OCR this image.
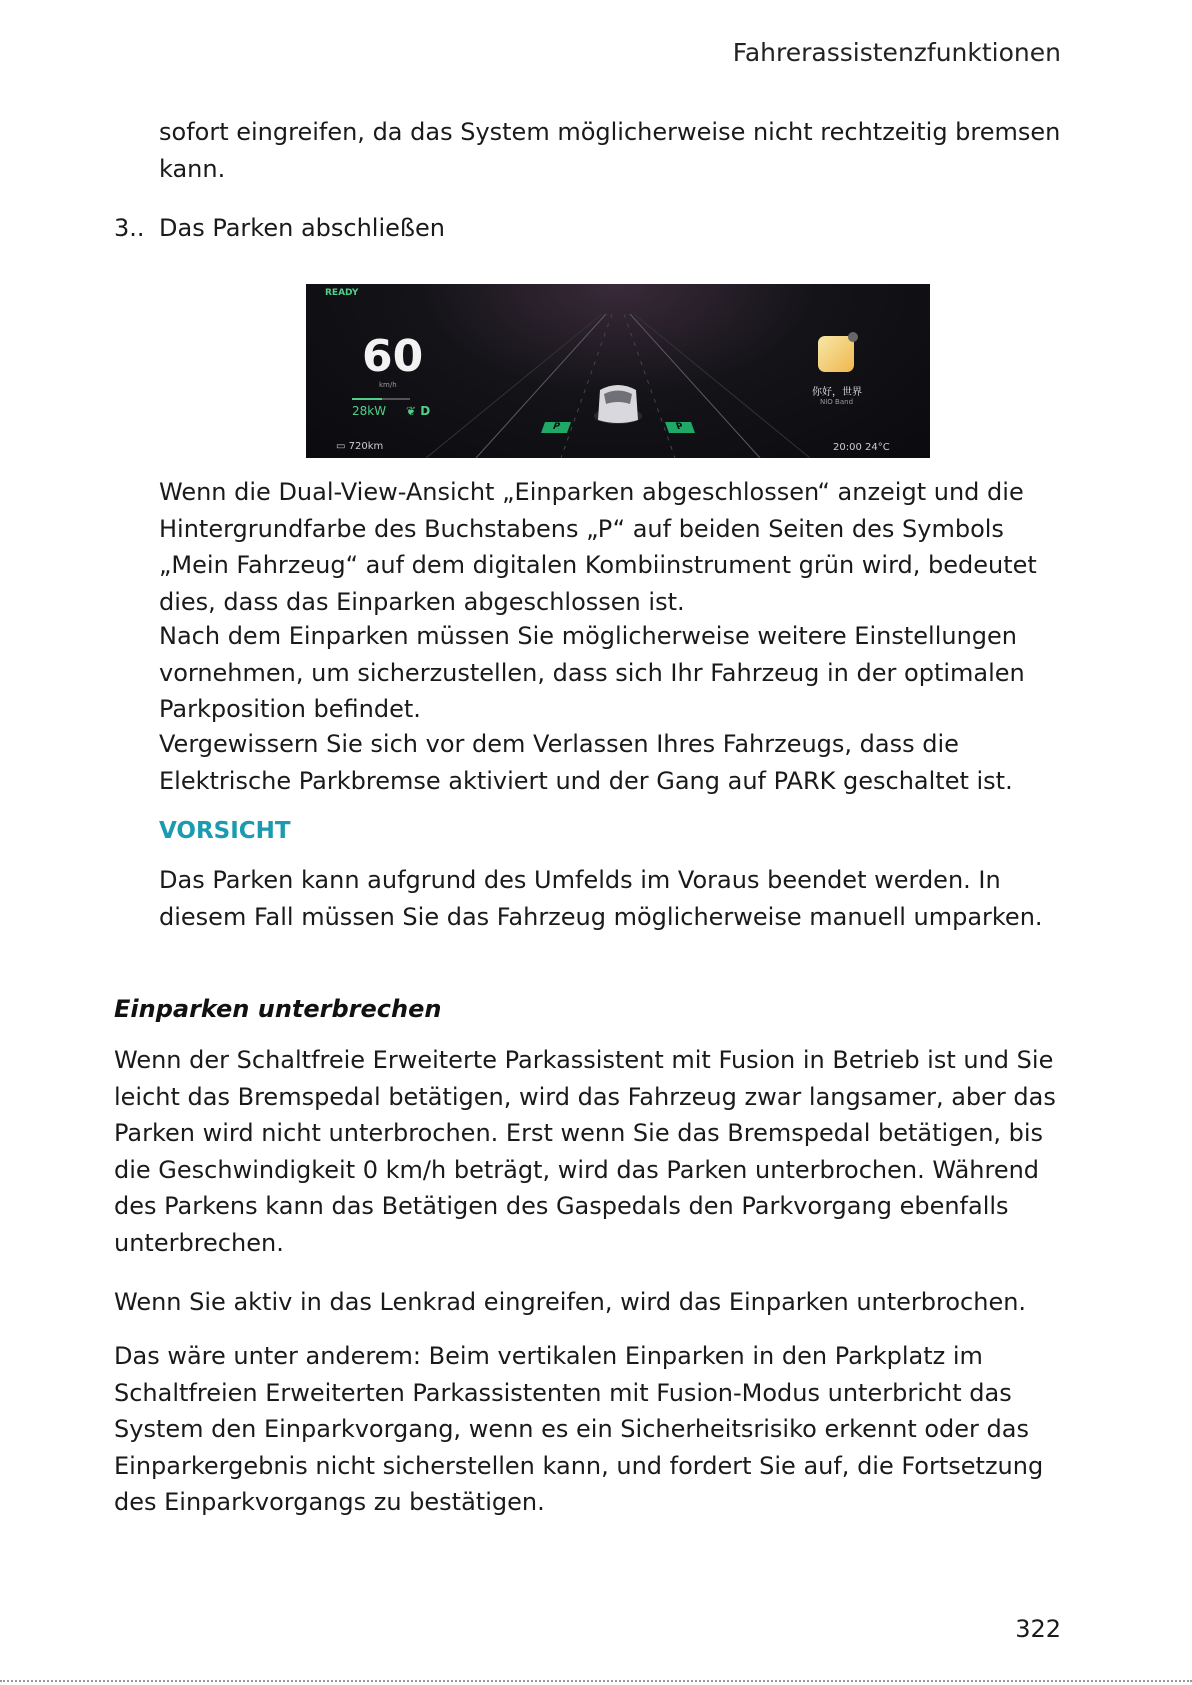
Fahrerassistenzfunktionen

sofort eingreifen, da das System möglicherweise nicht rechtzeitig bremsen kann.

3.. Das Parken abschließen
P	P
READY
60
km/h
28kW ❦ D
▭ 720km	20:00 24°C
你好，世界
NIO Band

Wenn die Dual-View-Ansicht „Einparken abgeschlossen“ anzeigt und die Hintergrundfarbe des Buchstabens „P“ auf beiden Seiten des Symbols „Mein Fahrzeug“ auf dem digitalen Kombiinstrument grün wird, bedeutet dies, dass das Einparken abgeschlossen ist.

Nach dem Einparken müssen Sie möglicherweise weitere Einstellungen vornehmen, um sicherzustellen, dass sich Ihr Fahrzeug in der optimalen Parkposition befindet.

Vergewissern Sie sich vor dem Verlassen Ihres Fahrzeugs, dass die Elektrische Parkbremse aktiviert und der Gang auf PARK geschaltet ist.

VORSICHT

Das Parken kann aufgrund des Umfelds im Voraus beendet werden. In diesem Fall müssen Sie das Fahrzeug möglicherweise manuell umparken.

Einparken unterbrechen

Wenn der Schaltfreie Erweiterte Parkassistent mit Fusion in Betrieb ist und Sie leicht das Bremspedal betätigen, wird das Fahrzeug zwar langsamer, aber das Parken wird nicht unterbrochen. Erst wenn Sie das Bremspedal betätigen, bis die Geschwindigkeit 0 km/h beträgt, wird das Parken unterbrochen. Während des Parkens kann das Betätigen des Gaspedals den Parkvorgang ebenfalls unterbrechen.

Wenn Sie aktiv in das Lenkrad eingreifen, wird das Einparken unterbrochen.

Das wäre unter anderem: Beim vertikalen Einparken in den Parkplatz im Schaltfreien Erweiterten Parkassistenten mit Fusion-Modus unterbricht das System den Einparkvorgang, wenn es ein Sicherheitsrisiko erkennt oder das Einparkergebnis nicht sicherstellen kann, und fordert Sie auf, die Fortsetzung des Einparkvorgangs zu bestätigen.

322
